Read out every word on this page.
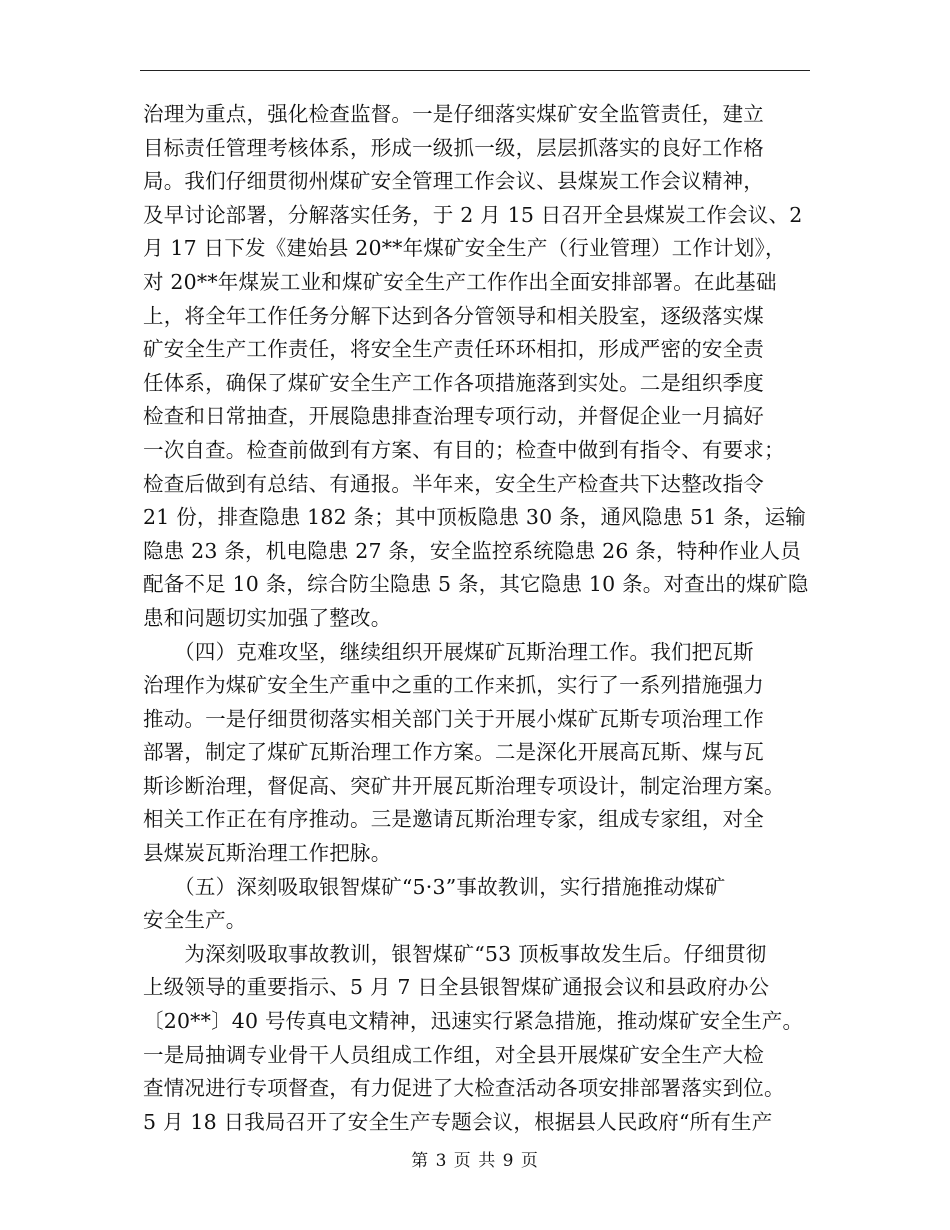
治理为重点，强化检查监督。一是仔细落实煤矿安全监管责任，建立
目标责任管理考核体系，形成一级抓一级，层层抓落实的良好工作格
局。我们仔细贯彻州煤矿安全管理工作会议、县煤炭工作会议精神，
及早讨论部署，分解落实任务，于 2 月 15 日召开全县煤炭工作会议、2
月 17 日下发《建始县 20**年煤矿安全生产（行业管理）工作计划》，
对 20**年煤炭工业和煤矿安全生产工作作出全面安排部署。在此基础
上，将全年工作任务分解下达到各分管领导和相关股室，逐级落实煤
矿安全生产工作责任，将安全生产责任环环相扣，形成严密的安全责
任体系，确保了煤矿安全生产工作各项措施落到实处。二是组织季度
检查和日常抽查，开展隐患排查治理专项行动，并督促企业一月搞好
一次自查。检查前做到有方案、有目的；检查中做到有指令、有要求；
检查后做到有总结、有通报。半年来，安全生产检查共下达整改指令
21 份，排查隐患 182 条；其中顶板隐患 30 条，通风隐患 51 条，运输
隐患 23 条，机电隐患 27 条，安全监控系统隐患 26 条，特种作业人员
配备不足 10 条，综合防尘隐患 5 条，其它隐患 10 条。对查出的煤矿隐
患和问题切实加强了整改。
　　（四）克难攻坚，继续组织开展煤矿瓦斯治理工作。我们把瓦斯
治理作为煤矿安全生产重中之重的工作来抓，实行了一系列措施强力
推动。一是仔细贯彻落实相关部门关于开展小煤矿瓦斯专项治理工作
部署，制定了煤矿瓦斯治理工作方案。二是深化开展高瓦斯、煤与瓦
斯诊断治理，督促高、突矿井开展瓦斯治理专项设计，制定治理方案。
相关工作正在有序推动。三是邀请瓦斯治理专家，组成专家组，对全
县煤炭瓦斯治理工作把脉。
　　（五）深刻吸取银智煤矿“5·3”事故教训，实行措施推动煤矿
安全生产。
　　为深刻吸取事故教训，银智煤矿“53 顶板事故发生后。仔细贯彻
上级领导的重要指示、5 月 7 日全县银智煤矿通报会议和县政府办公
〔20**〕40 号传真电文精神，迅速实行紧急措施，推动煤矿安全生产。
一是局抽调专业骨干人员组成工作组，对全县开展煤矿安全生产大检
查情况进行专项督查，有力促进了大检查活动各项安排部署落实到位。
5 月 18 日我局召开了安全生产专题会议，根据县人民政府“所有生产
第 3 页 共 9 页
